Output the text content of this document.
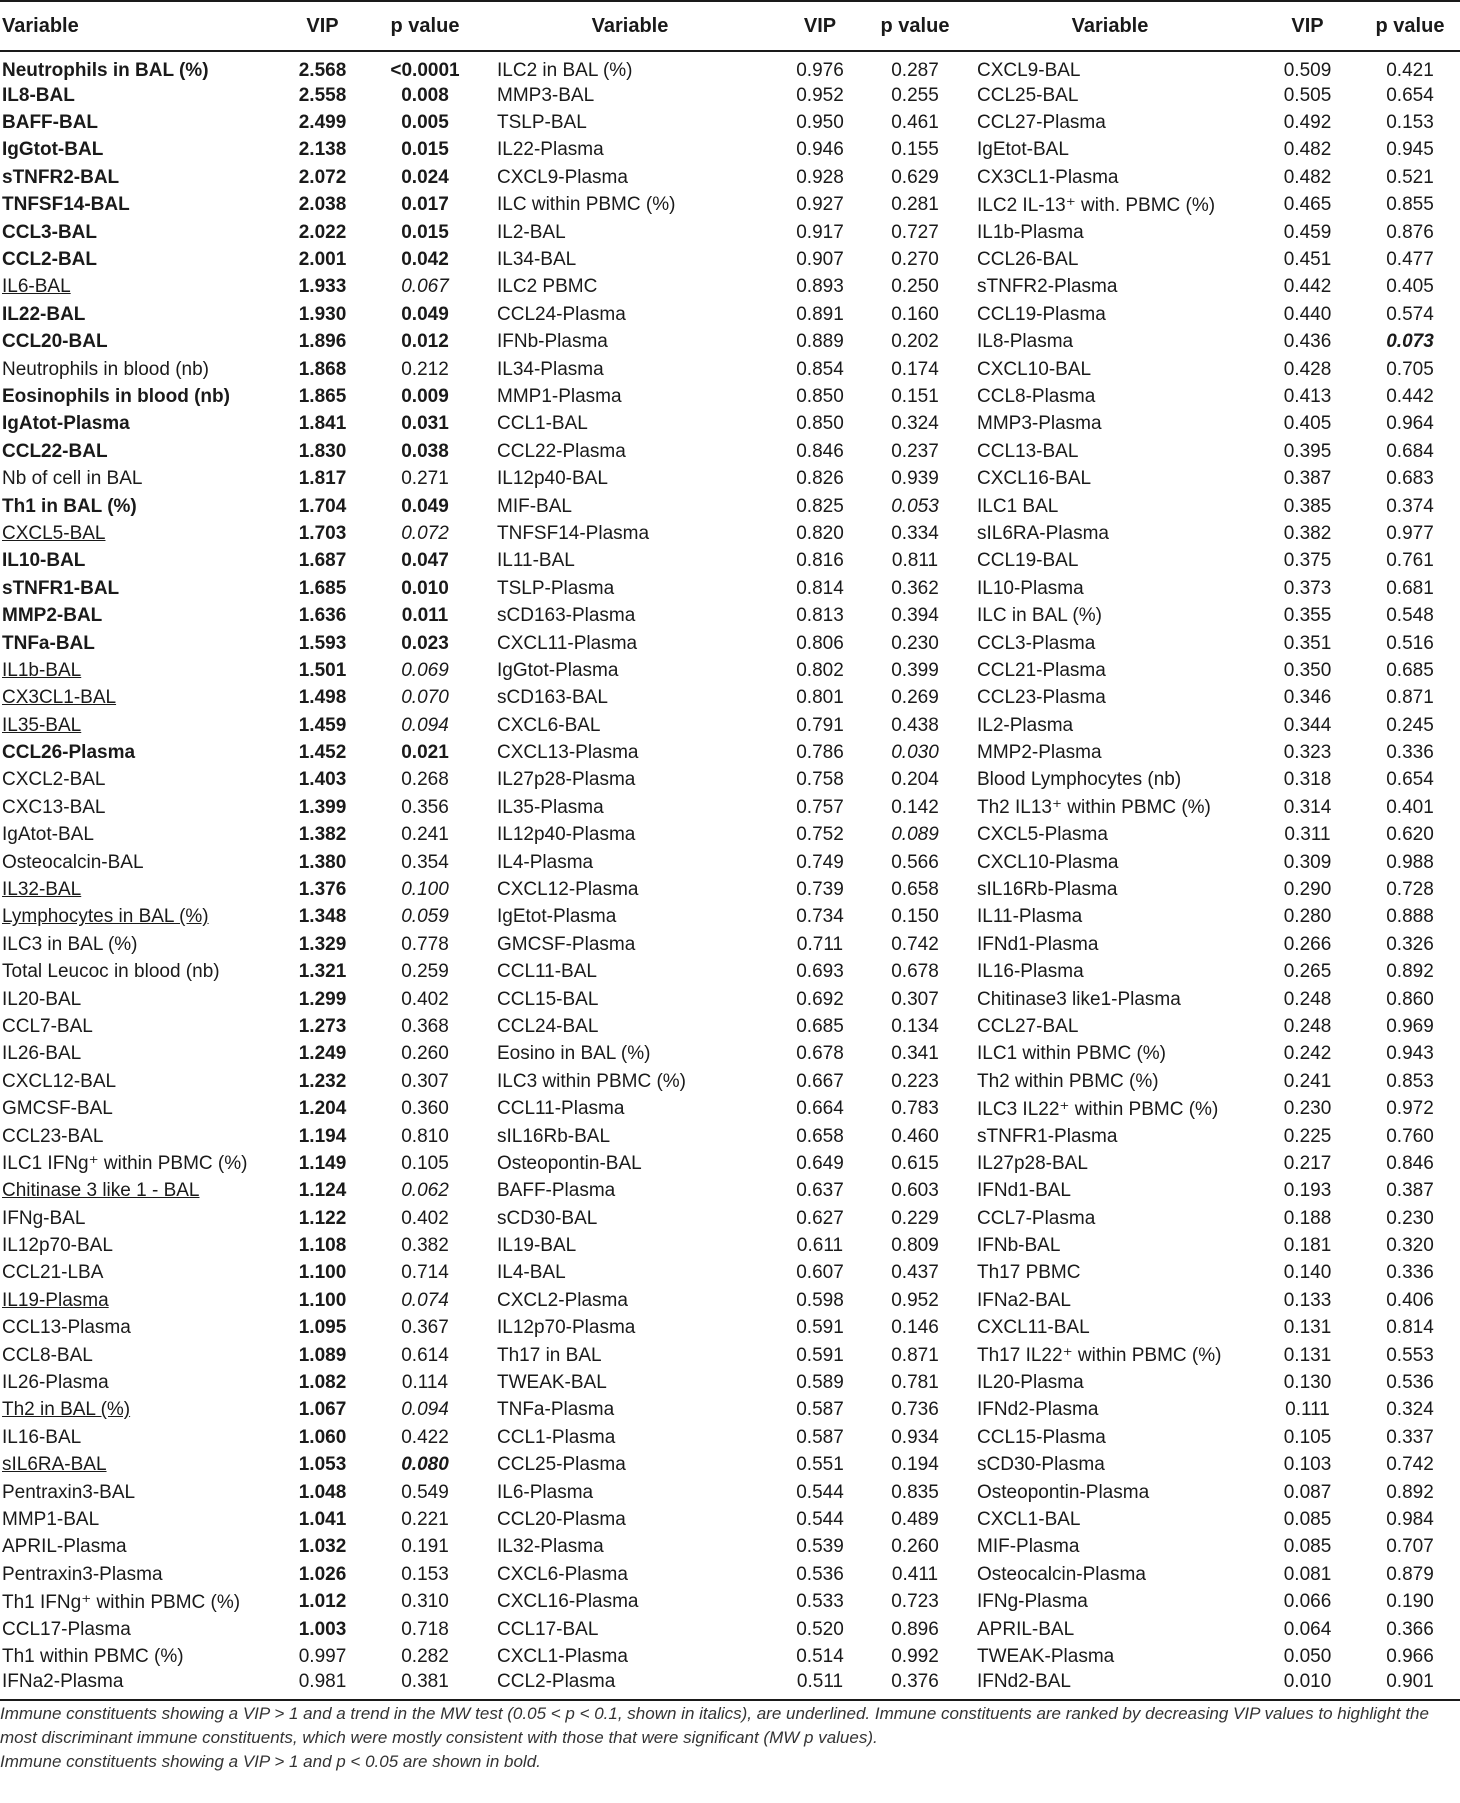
Variable	VIP	p value	Variable	VIP	p value	Variable	VIP	p value
Neutrophils in BAL (%)	2.568	<0.0001	ILC2 in BAL (%)	0.976	0.287	CXCL9-BAL	0.509	0.421
IL8-BAL	2.558	0.008	MMP3-BAL	0.952	0.255	CCL25-BAL	0.505	0.654
BAFF-BAL	2.499	0.005	TSLP-BAL	0.950	0.461	CCL27-Plasma	0.492	0.153
IgGtot-BAL	2.138	0.015	IL22-Plasma	0.946	0.155	IgEtot-BAL	0.482	0.945
sTNFR2-BAL	2.072	0.024	CXCL9-Plasma	0.928	0.629	CX3CL1-Plasma	0.482	0.521
TNFSF14-BAL	2.038	0.017	ILC within PBMC (%)	0.927	0.281	ILC2 IL-13⁺ with. PBMC (%)	0.465	0.855
CCL3-BAL	2.022	0.015	IL2-BAL	0.917	0.727	IL1b-Plasma	0.459	0.876
CCL2-BAL	2.001	0.042	IL34-BAL	0.907	0.270	CCL26-BAL	0.451	0.477
IL6-BAL	1.933	0.067	ILC2 PBMC	0.893	0.250	sTNFR2-Plasma	0.442	0.405
IL22-BAL	1.930	0.049	CCL24-Plasma	0.891	0.160	CCL19-Plasma	0.440	0.574
CCL20-BAL	1.896	0.012	IFNb-Plasma	0.889	0.202	IL8-Plasma	0.436	0.073
Neutrophils in blood (nb)	1.868	0.212	IL34-Plasma	0.854	0.174	CXCL10-BAL	0.428	0.705
Eosinophils in blood (nb)	1.865	0.009	MMP1-Plasma	0.850	0.151	CCL8-Plasma	0.413	0.442
IgAtot-Plasma	1.841	0.031	CCL1-BAL	0.850	0.324	MMP3-Plasma	0.405	0.964
CCL22-BAL	1.830	0.038	CCL22-Plasma	0.846	0.237	CCL13-BAL	0.395	0.684
Nb of cell in BAL	1.817	0.271	IL12p40-BAL	0.826	0.939	CXCL16-BAL	0.387	0.683
Th1 in BAL (%)	1.704	0.049	MIF-BAL	0.825	0.053	ILC1 BAL	0.385	0.374
CXCL5-BAL	1.703	0.072	TNFSF14-Plasma	0.820	0.334	sIL6RA-Plasma	0.382	0.977
IL10-BAL	1.687	0.047	IL11-BAL	0.816	0.811	CCL19-BAL	0.375	0.761
sTNFR1-BAL	1.685	0.010	TSLP-Plasma	0.814	0.362	IL10-Plasma	0.373	0.681
MMP2-BAL	1.636	0.011	sCD163-Plasma	0.813	0.394	ILC in BAL (%)	0.355	0.548
TNFa-BAL	1.593	0.023	CXCL11-Plasma	0.806	0.230	CCL3-Plasma	0.351	0.516
IL1b-BAL	1.501	0.069	IgGtot-Plasma	0.802	0.399	CCL21-Plasma	0.350	0.685
CX3CL1-BAL	1.498	0.070	sCD163-BAL	0.801	0.269	CCL23-Plasma	0.346	0.871
IL35-BAL	1.459	0.094	CXCL6-BAL	0.791	0.438	IL2-Plasma	0.344	0.245
CCL26-Plasma	1.452	0.021	CXCL13-Plasma	0.786	0.030	MMP2-Plasma	0.323	0.336
CXCL2-BAL	1.403	0.268	IL27p28-Plasma	0.758	0.204	Blood Lymphocytes (nb)	0.318	0.654
CXC13-BAL	1.399	0.356	IL35-Plasma	0.757	0.142	Th2 IL13⁺ within PBMC (%)	0.314	0.401
IgAtot-BAL	1.382	0.241	IL12p40-Plasma	0.752	0.089	CXCL5-Plasma	0.311	0.620
Osteocalcin-BAL	1.380	0.354	IL4-Plasma	0.749	0.566	CXCL10-Plasma	0.309	0.988
IL32-BAL	1.376	0.100	CXCL12-Plasma	0.739	0.658	sIL16Rb-Plasma	0.290	0.728
Lymphocytes in BAL (%)	1.348	0.059	IgEtot-Plasma	0.734	0.150	IL11-Plasma	0.280	0.888
ILC3 in BAL (%)	1.329	0.778	GMCSF-Plasma	0.711	0.742	IFNd1-Plasma	0.266	0.326
Total Leucoc in blood (nb)	1.321	0.259	CCL11-BAL	0.693	0.678	IL16-Plasma	0.265	0.892
IL20-BAL	1.299	0.402	CCL15-BAL	0.692	0.307	Chitinase3 like1-Plasma	0.248	0.860
CCL7-BAL	1.273	0.368	CCL24-BAL	0.685	0.134	CCL27-BAL	0.248	0.969
IL26-BAL	1.249	0.260	Eosino in BAL (%)	0.678	0.341	ILC1 within PBMC (%)	0.242	0.943
CXCL12-BAL	1.232	0.307	ILC3 within PBMC (%)	0.667	0.223	Th2 within PBMC (%)	0.241	0.853
GMCSF-BAL	1.204	0.360	CCL11-Plasma	0.664	0.783	ILC3 IL22⁺ within PBMC (%)	0.230	0.972
CCL23-BAL	1.194	0.810	sIL16Rb-BAL	0.658	0.460	sTNFR1-Plasma	0.225	0.760
ILC1 IFNg⁺ within PBMC (%)	1.149	0.105	Osteopontin-BAL	0.649	0.615	IL27p28-BAL	0.217	0.846
Chitinase 3 like 1 - BAL	1.124	0.062	BAFF-Plasma	0.637	0.603	IFNd1-BAL	0.193	0.387
IFNg-BAL	1.122	0.402	sCD30-BAL	0.627	0.229	CCL7-Plasma	0.188	0.230
IL12p70-BAL	1.108	0.382	IL19-BAL	0.611	0.809	IFNb-BAL	0.181	0.320
CCL21-LBA	1.100	0.714	IL4-BAL	0.607	0.437	Th17 PBMC	0.140	0.336
IL19-Plasma	1.100	0.074	CXCL2-Plasma	0.598	0.952	IFNa2-BAL	0.133	0.406
CCL13-Plasma	1.095	0.367	IL12p70-Plasma	0.591	0.146	CXCL11-BAL	0.131	0.814
CCL8-BAL	1.089	0.614	Th17 in BAL	0.591	0.871	Th17 IL22⁺ within PBMC (%)	0.131	0.553
IL26-Plasma	1.082	0.114	TWEAK-BAL	0.589	0.781	IL20-Plasma	0.130	0.536
Th2 in BAL (%)	1.067	0.094	TNFa-Plasma	0.587	0.736	IFNd2-Plasma	0.111	0.324
IL16-BAL	1.060	0.422	CCL1-Plasma	0.587	0.934	CCL15-Plasma	0.105	0.337
sIL6RA-BAL	1.053	0.080	CCL25-Plasma	0.551	0.194	sCD30-Plasma	0.103	0.742
Pentraxin3-BAL	1.048	0.549	IL6-Plasma	0.544	0.835	Osteopontin-Plasma	0.087	0.892
MMP1-BAL	1.041	0.221	CCL20-Plasma	0.544	0.489	CXCL1-BAL	0.085	0.984
APRIL-Plasma	1.032	0.191	IL32-Plasma	0.539	0.260	MIF-Plasma	0.085	0.707
Pentraxin3-Plasma	1.026	0.153	CXCL6-Plasma	0.536	0.411	Osteocalcin-Plasma	0.081	0.879
Th1 IFNg⁺ within PBMC (%)	1.012	0.310	CXCL16-Plasma	0.533	0.723	IFNg-Plasma	0.066	0.190
CCL17-Plasma	1.003	0.718	CCL17-BAL	0.520	0.896	APRIL-BAL	0.064	0.366
Th1 within PBMC (%)	0.997	0.282	CXCL1-Plasma	0.514	0.992	TWEAK-Plasma	0.050	0.966
IFNa2-Plasma	0.981	0.381	CCL2-Plasma	0.511	0.376	IFNd2-BAL	0.010	0.901

Immune constituents showing a VIP > 1 and a trend in the MW test (0.05 < p < 0.1, shown in italics), are underlined. Immune constituents are ranked by decreasing VIP values to highlight the most discriminant immune constituents, which were mostly consistent with those that were significant (MW p values).

Immune constituents showing a VIP > 1 and p < 0.05 are shown in bold.
